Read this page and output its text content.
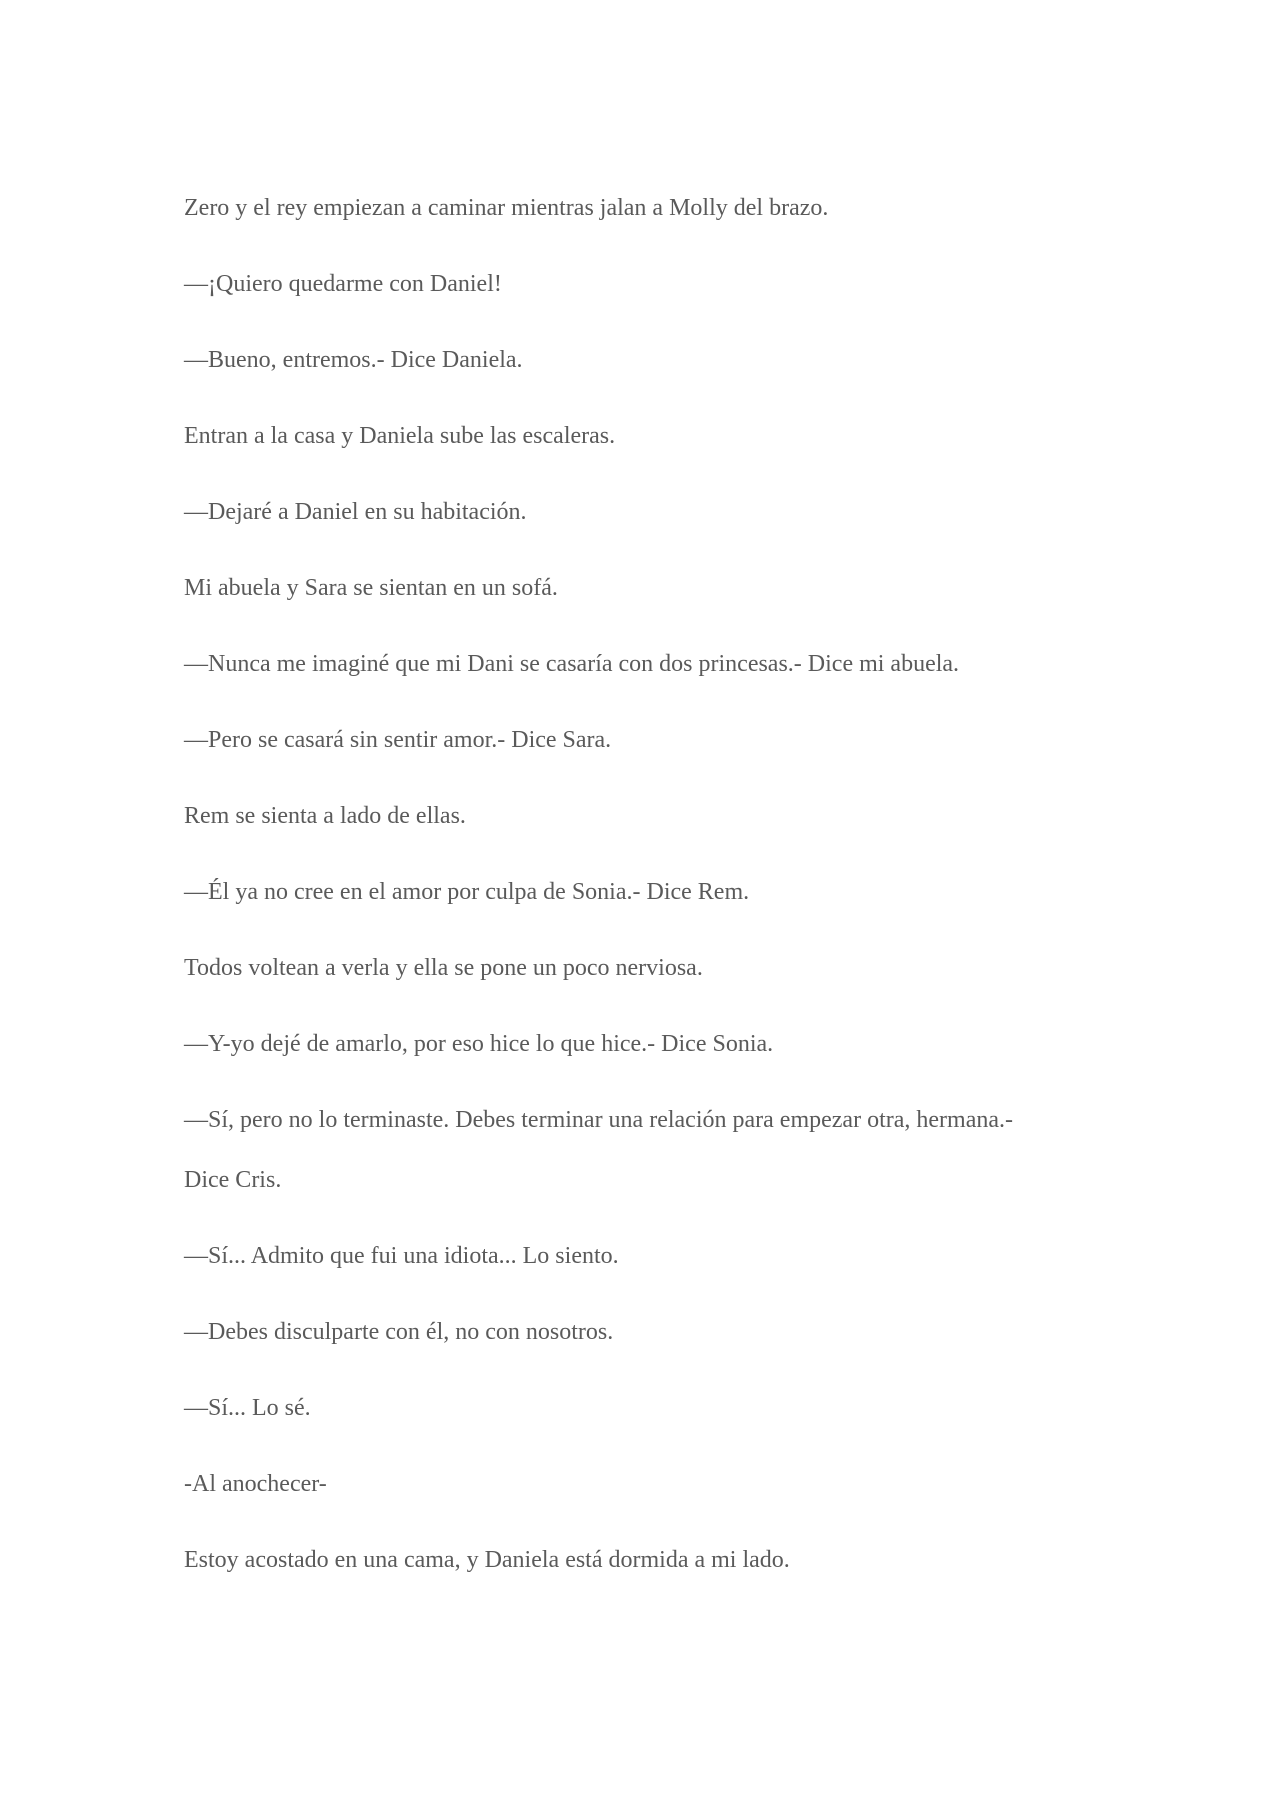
Zero y el rey empiezan a caminar mientras jalan a Molly del brazo.

—¡Quiero quedarme con Daniel!

—Bueno, entremos.- Dice Daniela.

Entran a la casa y Daniela sube las escaleras.

—Dejaré a Daniel en su habitación.

Mi abuela y Sara se sientan en un sofá.

—Nunca me imaginé que mi Dani se casaría con dos princesas.- Dice mi abuela.

—Pero se casará sin sentir amor.- Dice Sara.

Rem se sienta a lado de ellas.

—Él ya no cree en el amor por culpa de Sonia.- Dice Rem.

Todos voltean a verla y ella se pone un poco nerviosa.

—Y-yo dejé de amarlo, por eso hice lo que hice.- Dice Sonia.

—Sí, pero no lo terminaste. Debes terminar una relación para empezar otra, hermana.-

Dice Cris.

—Sí... Admito que fui una idiota... Lo siento.

—Debes disculparte con él, no con nosotros.

—Sí... Lo sé.

-Al anochecer-

Estoy acostado en una cama, y Daniela está dormida a mi lado.
